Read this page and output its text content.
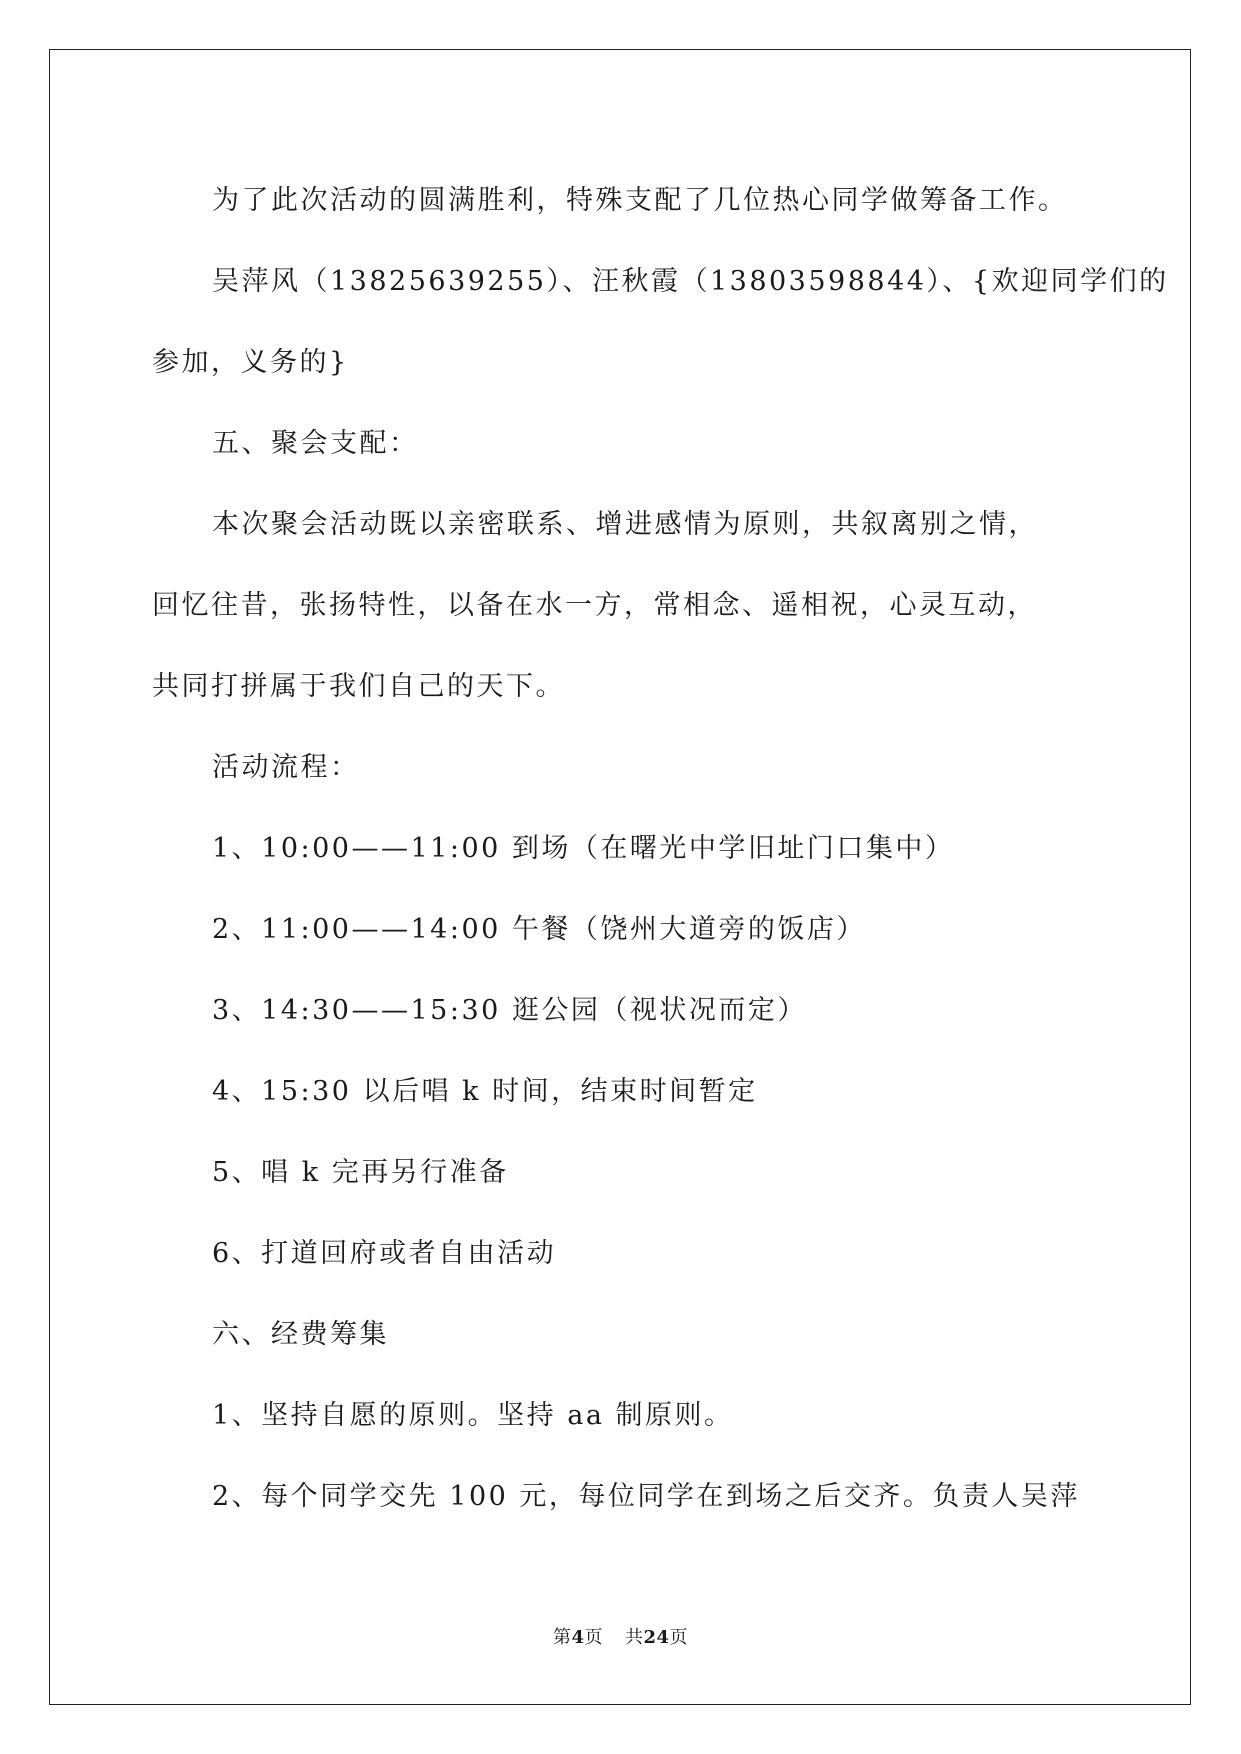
为了此次活动的圆满胜利，特殊支配了几位热心同学做筹备工作。

吴萍风（13825639255）、汪秋霞（13803598844）、{欢迎同学们的

参加，义务的}

五、聚会支配：

本次聚会活动既以亲密联系、增进感情为原则，共叙离别之情，

回忆往昔，张扬特性，以备在水一方，常相念、遥相祝，心灵互动，

共同打拼属于我们自己的天下。

活动流程：

1、10:00——11:00 到场（在曙光中学旧址门口集中）

2、11:00——14:00 午餐（饶州大道旁的饭店）

3、14:30——15:30 逛公园（视状况而定）

4、15:30 以后唱 k 时间，结束时间暂定

5、唱 k 完再另行准备

6、打道回府或者自由活动

六、经费筹集

1、坚持自愿的原则。坚持 aa 制原则。

2、每个同学交先 100 元，每位同学在到场之后交齐。负责人吴萍

第4页 共24页
